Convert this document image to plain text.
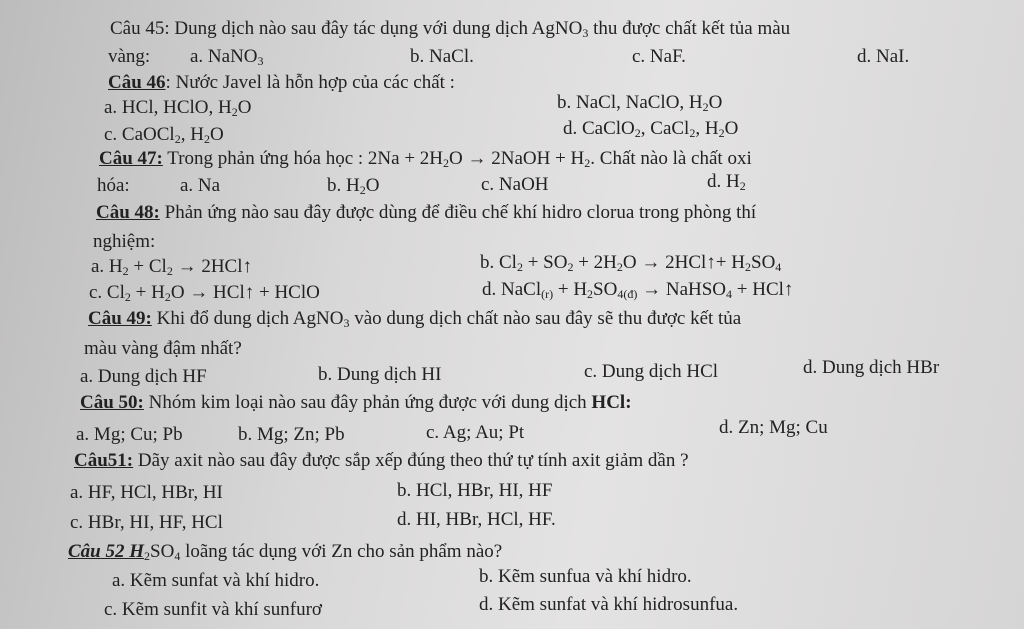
Câu 45: Dung dịch nào sau đây tác dụng với dung dịch AgNO$_3$ thu được chất kết tủa màu
vàng: a. NaNO$_3$	b. NaCl.	c. NaF.	d. NaI.
Câu 46: Nước Javel là hỗn hợp của các chất :
a. HCl, HClO, $H_2O$	b. NaCl, NaClO, $H_2O$
c. CaOCl$_2$, $H_2O$	d. CaClO$_2$, CaCl$_2$, $H_2O$
Câu 47: Trong phản ứng hóa học : $2Na + 2H_2O$ → 2NaOH + $H_2$. Chất nào là chất oxi
hóa:	a. Na	b. $H_2O$	c. NaOH	d. $H_2$
Câu 48: Phản ứng nào sau đây được dùng để điều chế khí hidro clorua trong phòng thí
nghiệm:
a. $H_2 + Cl_2$ → 2HCl↑	b. $Cl_2 + SO_2 + 2H_2O$ → 2HCl↑+ $H_2SO_4$
c. $Cl_2 + H_2O$ → HCl↑ + HClO	d. NaCl$_{(r)}$ + $H_2SO_{4(đ)}$ → NaHSO$_4$ + HCl↑
Câu 49: Khi đổ dung dịch AgNO$_3$ vào dung dịch chất nào sau đây sẽ thu được kết tủa
màu vàng đậm nhất?
a. Dung dịch HF	b. Dung dịch HI	c. Dung dịch HCl	d. Dung dịch HBr
Câu 50: Nhóm kim loại nào sau đây phản ứng được với dung dịch HCl:
a. Mg; Cu; Pb	b. Mg; Zn; Pb	c. Ag; Au; Pt	d. Zn; Mg; Cu
Câu51: Dãy axit nào sau đây được sắp xếp đúng theo thứ tự tính axit giảm dần ?
a. HF, HCl, HBr, HI	b. HCl, HBr, HI, HF
c. HBr, HI, HF, HCl	d. HI, HBr, HCl, HF.
Câu 52 $H_2SO_4$ loãng tác dụng với Zn cho sản phẩm nào?
a. Kẽm sunfat và khí hidro.	b. Kẽm sunfua và khí hidro.
c. Kẽm sunfit và khí sunfurơ	d. Kẽm sunfat và khí hidrosunfua.
